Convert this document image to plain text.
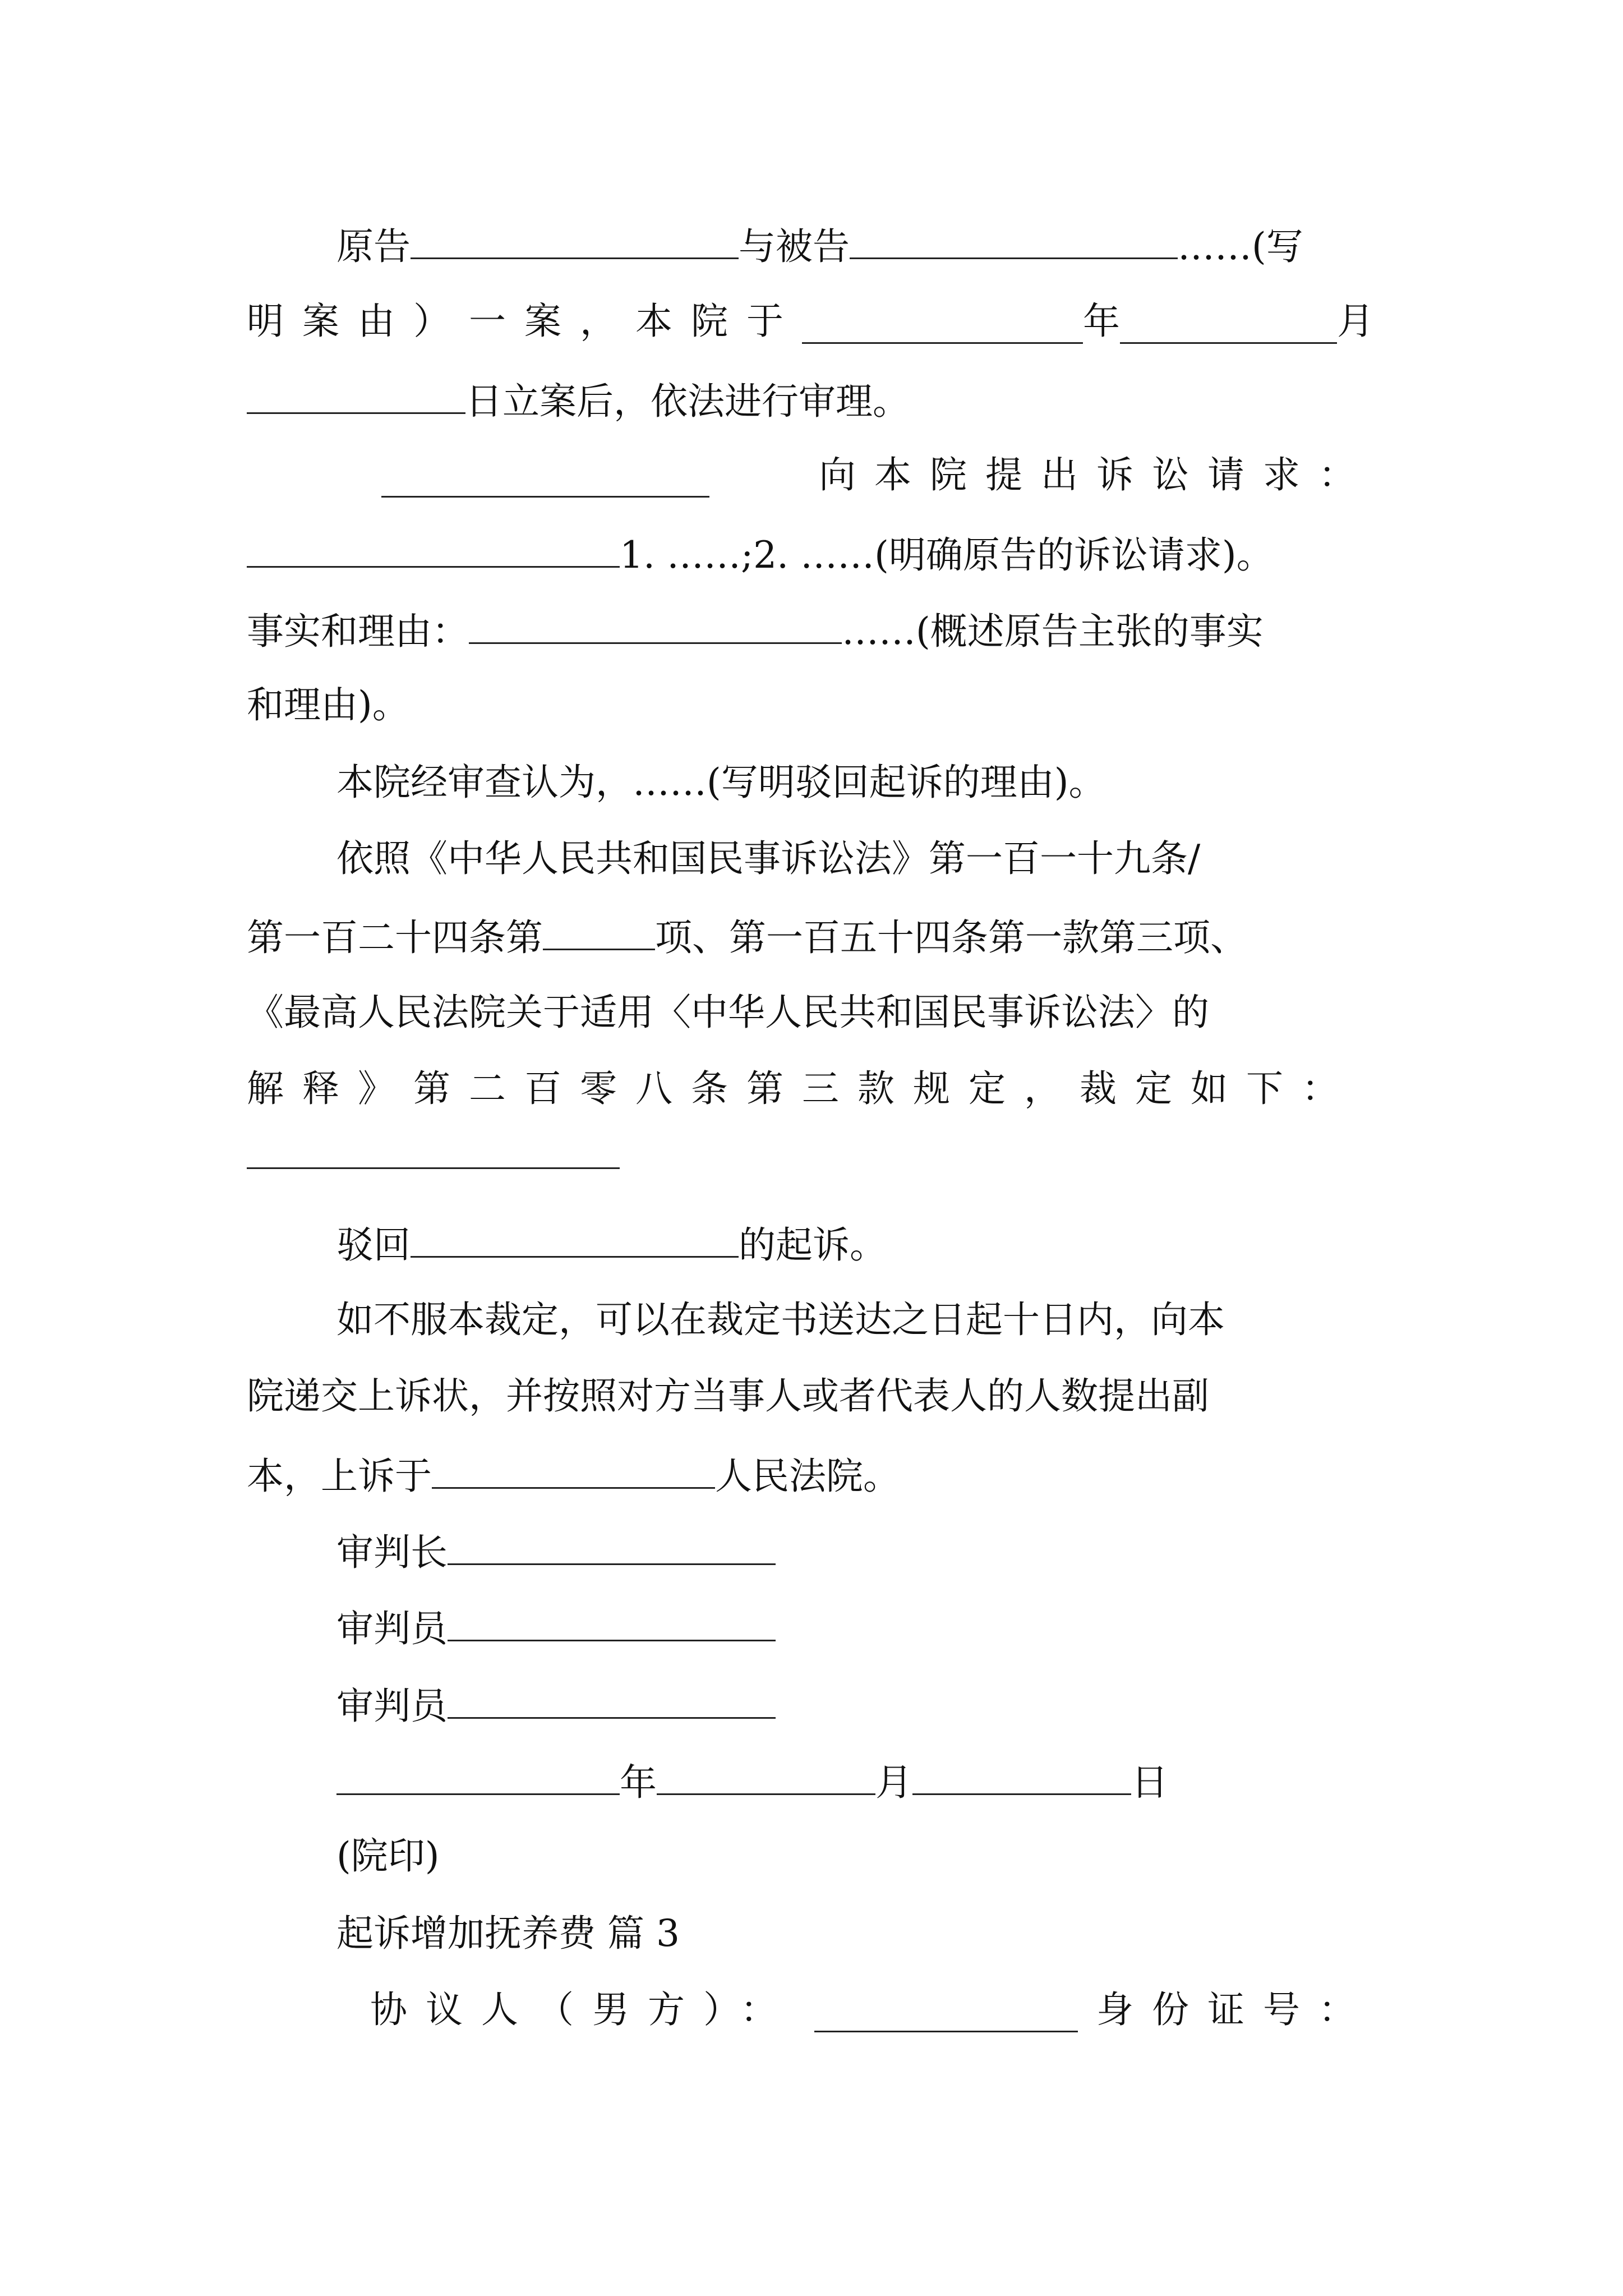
原告	与被告	……(写
明案由）一案，本院于	年	月
日立案后，依法进行审理。
向本院提出诉讼请求：
1. ……;2. ……(明确原告的诉讼请求)。
事实和理由：	……(概述原告主张的事实
和理由)。
本院经审查认为，……(写明驳回起诉的理由)。
依照《中华人民共和国民事诉讼法》第一百一十九条/
第一百二十四条第	项、第一百五十四条第一款第三项、
《最高人民法院关于适用〈中华人民共和国民事诉讼法〉的
解释》第二百零八条第三款规定，裁定如下：
驳回	的起诉。
如不服本裁定，可以在裁定书送达之日起十日内，向本
院递交上诉状，并按照对方当事人或者代表人的人数提出副
本，上诉于	人民法院。
审判长
审判员
审判员
年	月	日
(院印)
起诉增加抚养费 篇 3
协议人（男方）：	身份证号：
